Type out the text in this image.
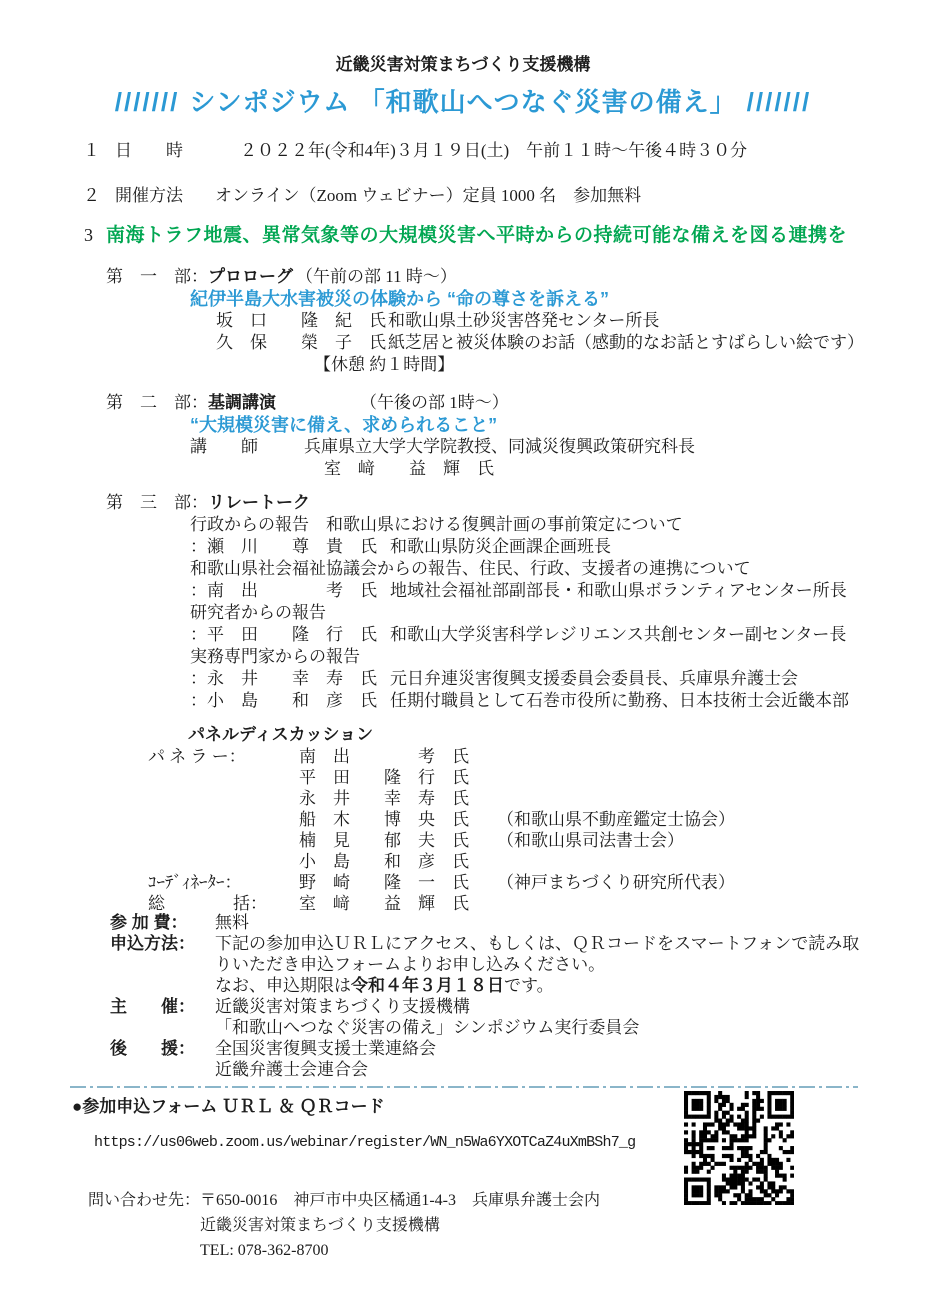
近畿災害対策まちづくり支援機構
/////// シンポジウム 「和歌山へつなぐ災害の備え」 ///////
１ 日　　時	２０２２年(令和4年)３月１９日(土)　午前１１時～午後４時３０分
２ 開催方法	オンライン（Zoom ウェビナー）定員 1000 名　参加無料
3 南海トラフ地震、異常気象等の大規模災害へ平時からの持続可能な備えを図る連携を
第　一　部：プロローグ （午前の部 11 時～）
紀伊半島大水害被災の体験から “命の尊さを訴える”
坂　口　　隆　紀　氏 和歌山県土砂災害啓発センター所長
久　保　　榮　子　氏 紙芝居と被災体験のお話（感動的なお話とすばらしい絵です）
【休憩 約１時間】
第　二　部：基調講演	（午後の部 1時～）
“大規模災害に備え、求められること”
講　　師	兵庫県立大学大学院教授、同減災復興政策研究科長
室　﨑　　益　輝　氏
第　三　部：リレートーク
行政からの報告　和歌山県における復興計画の事前策定について
：瀬　川　　尊　貴　氏 和歌山県防災企画課企画班長
和歌山県社会福祉協議会からの報告、住民、行政、支援者の連携について
：南　出　　　　考　氏 地域社会福祉部副部長・和歌山県ボランティアセンター所長
研究者からの報告
：平　田　　隆　行　氏 和歌山大学災害科学レジリエンス共創センター副センター長
実務専門家からの報告
：永　井　　幸　寿　氏 元日弁連災害復興支援委員会委員長、兵庫県弁護士会
：小　島　　和　彦　氏 任期付職員として石巻市役所に勤務、日本技術士会近畿本部
パネルディスカッション
パ ネ ラ ー：	南　出　　　　考　氏
平　田　　隆　行　氏
永　井　　幸　寿　氏
船　木　　博　央　氏	（和歌山県不動産鑑定士協会）
楠　見　　郁　夫　氏	（和歌山県司法書士会）
小　島　　和　彦　氏
ｺｰﾃﾞｨﾈｰﾀｰ：	野　崎　　隆　一　氏	（神戸まちづくり研究所代表）
総　　　　括：	室　﨑　　益　輝　氏
参 加 費：	無料
申込方法：	下記の参加申込ＵＲＬにアクセス、もしくは、ＱＲコードをスマートフォンで読み取
りいただき申込フォームよりお申し込みください。
なお、申込期限は令和４年３月１８日です。
主　　催：	近畿災害対策まちづくり支援機構
「和歌山へつなぐ災害の備え」シンポジウム実行委員会
後　　援：	全国災害復興支援士業連絡会
近畿弁護士会連合会
●参加申込フォーム ＵＲＬ ＆ ＱＲコード
https://us06web.zoom.us/webinar/register/WN_n5Wa6YXOTCaZ4uXmBSh7_g
問い合わせ先： 〒650-0016　神戸市中央区橘通1-4-3　兵庫県弁護士会内
近畿災害対策まちづくり支援機構
TEL: 078-362-8700
